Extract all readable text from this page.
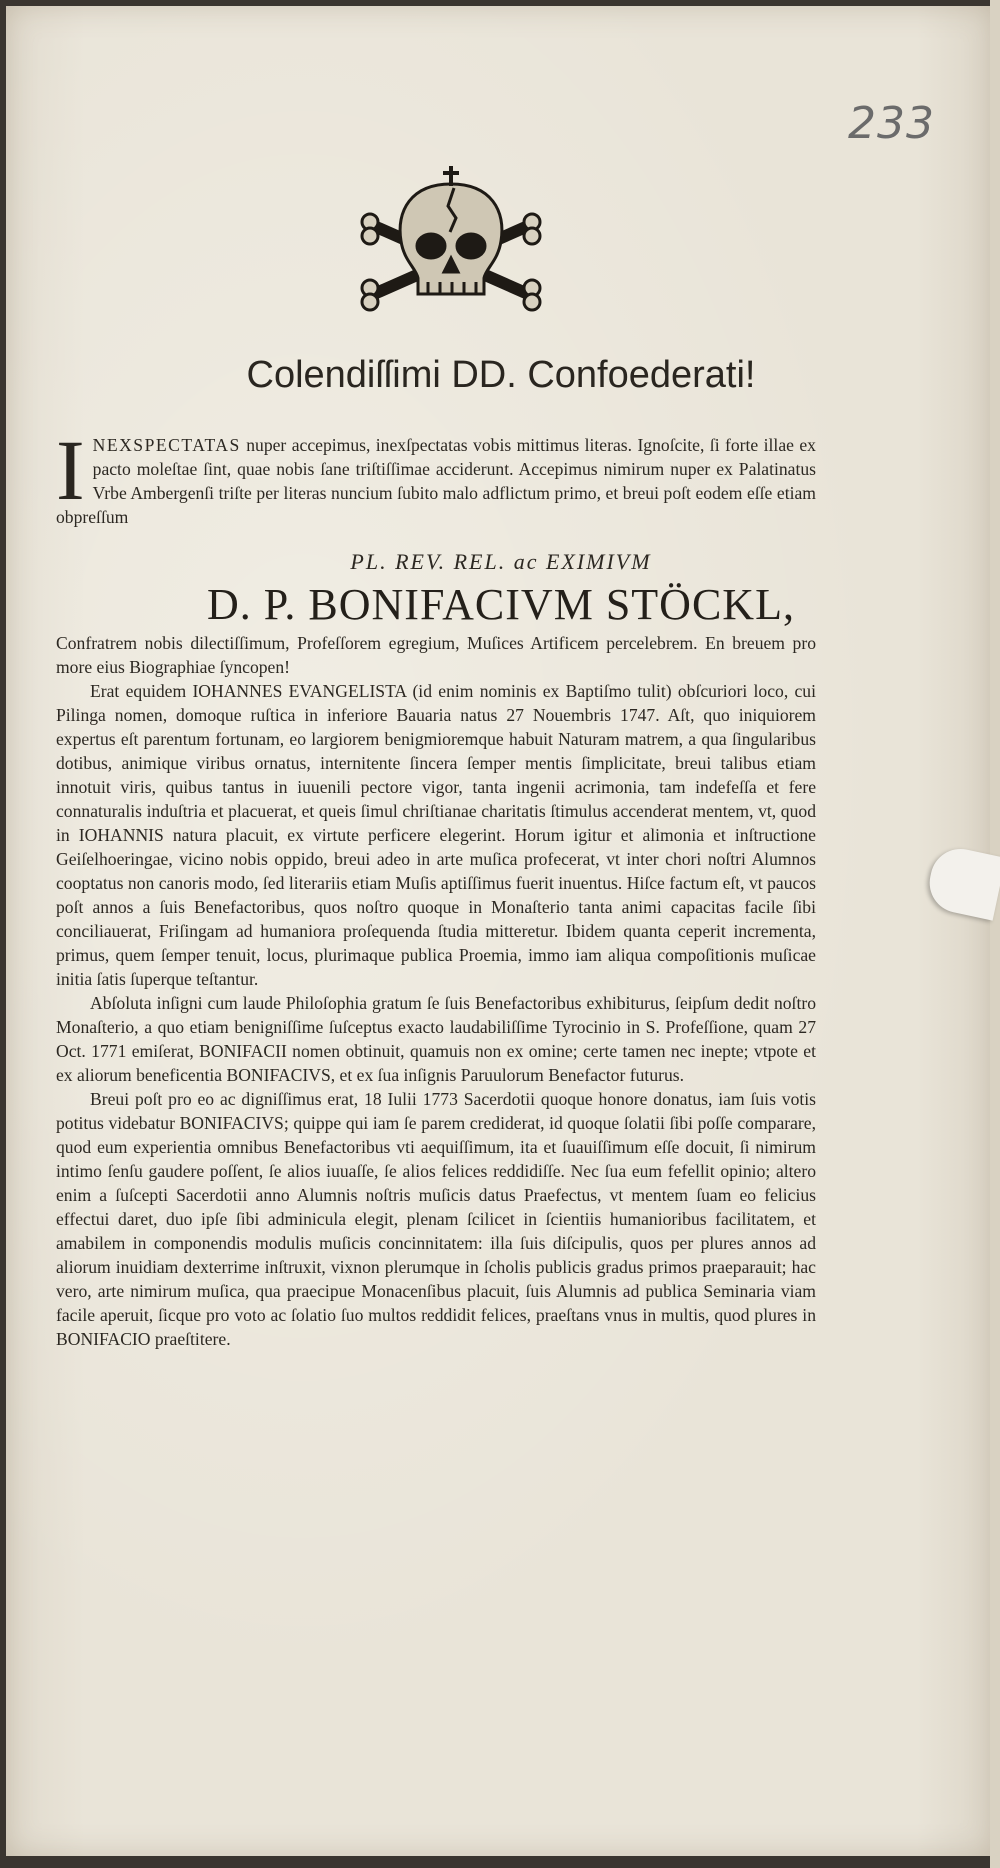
233
Colendiſſimi DD. Confoederati!
I NEXSPECTATAS nuper accepimus, inexſpectatas vobis mittimus literas. Ignoſcite, ſi forte illae ex pacto moleſtae ſint, quae nobis ſane triſtiſſimae acciderunt. Accepimus nimirum nuper ex Palatinatus Vrbe Ambergenſi triſte per literas nuncium ſubito malo adflictum primo, et breui poſt eodem eſſe etiam obpreſſum
PL. REV. REL. ac EXIMIVM
D. P. BONIFACIVM STÖCKL,

Confratrem nobis dilectiſſimum, Profeſſorem egregium, Muſices Artificem percelebrem. En breuem pro more eius Biographiae ſyncopen!

Erat equidem IOHANNES EVANGELISTA (id enim nominis ex Baptiſmo tulit) obſcuriori loco, cui Pilinga nomen, domoque ruſtica in inferiore Bauaria natus 27 Nouembris 1747. Aſt, quo iniquiorem expertus eſt parentum fortunam, eo largiorem benigmioremque habuit Naturam matrem, a qua ſingularibus dotibus, animique viribus ornatus, internitente ſincera ſemper mentis ſimplicitate, breui talibus etiam innotuit viris, quibus tantus in iuuenili pectore vigor, tanta ingenii acrimonia, tam indefeſſa et fere connaturalis induſtria et placuerat, et queis ſimul chriſtianae charitatis ſtimulus accenderat mentem, vt, quod in IOHANNIS natura placuit, ex virtute perficere elegerint. Horum igitur et alimonia et inſtructione Geiſelhoeringae, vicino nobis oppido, breui adeo in arte muſica profecerat, vt inter chori noſtri Alumnos cooptatus non canoris modo, ſed literariis etiam Muſis aptiſſimus fuerit inuentus. Hiſce factum eſt, vt paucos poſt annos a ſuis Benefactoribus, quos noſtro quoque in Monaſterio tanta animi capacitas facile ſibi conciliauerat, Friſingam ad humaniora proſequenda ſtudia mitteretur. Ibidem quanta ceperit incrementa, primus, quem ſemper tenuit, locus, plurimaque publica Proemia, immo iam aliqua compoſitionis muſicae initia ſatis ſuperque teſtantur.

Abſoluta inſigni cum laude Philoſophia gratum ſe ſuis Benefactoribus exhibiturus, ſeipſum dedit noſtro Monaſterio, a quo etiam benigniſſime ſuſceptus exacto laudabiliſſime Tyrocinio in S. Profeſſione, quam 27 Oct. 1771 emiſerat, BONIFACII nomen obtinuit, quamuis non ex omine; certe tamen nec inepte; vtpote et ex aliorum beneficentia BONIFACIVS, et ex ſua inſignis Paruulorum Benefactor futurus.

Breui poſt pro eo ac digniſſimus erat, 18 Iulii 1773 Sacerdotii quoque honore donatus, iam ſuis votis potitus videbatur BONIFACIVS; quippe qui iam ſe parem crediderat, id quoque ſolatii ſibi poſſe comparare, quod eum experientia omnibus Benefactoribus vti aequiſſimum, ita et ſuauiſſimum eſſe docuit, ſi nimirum intimo ſenſu gaudere poſſent, ſe alios iuuaſſe, ſe alios felices reddidiſſe. Nec ſua eum fefellit opinio; altero enim a ſuſcepti Sacerdotii anno Alumnis noſtris muſicis datus Praefectus, vt mentem ſuam eo felicius effectui daret, duo ipſe ſibi adminicula elegit, plenam ſcilicet in ſcientiis humanioribus facilitatem, et amabilem in componendis modulis muſicis concinnitatem: illa ſuis diſcipulis, quos per plures annos ad aliorum inuidiam dexterrime inſtruxit, vixnon plerumque in ſcholis publicis gradus primos praeparauit; hac vero, arte nimirum muſica, qua praecipue Monacenſibus placuit, ſuis Alumnis ad publica Seminaria viam facile aperuit, ſicque pro voto ac ſolatio ſuo multos reddidit felices, praeſtans vnus in multis, quod plures in BONIFACIO praeſtitere.
